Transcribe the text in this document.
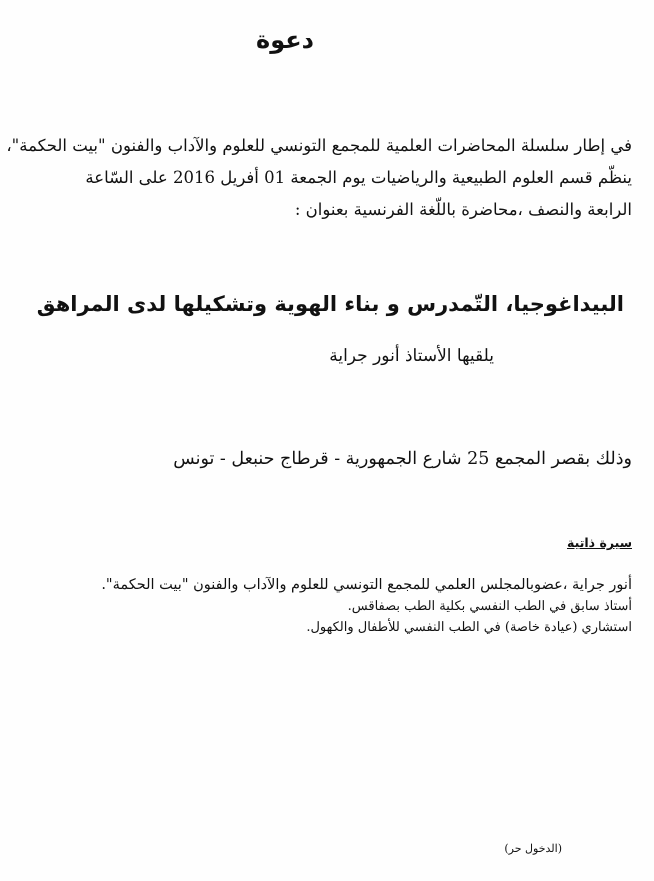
دعوة
في إطار سلسلة المحاضرات العلمية للمجمع التونسي للعلوم والآداب والفنون "بيت الحكمة"،
ينظّم قسم العلوم الطبيعية والرياضيات يوم الجمعة 01 أفريل 2016 على السّاعة
الرابعة والنصف ،محاضرة باللّغة الفرنسية بعنوان :
البيداغوجيا، التّمدرس و بناء الهوية وتشكيلها لدى المراهق
يلقيها الأستاذ أنور جراية
وذلك بقصر المجمع 25 شارع الجمهورية - قرطاج حنبعل - تونس
سيرة ذاتية
أنور جراية ،عضوبالمجلس العلمي للمجمع التونسي للعلوم والآداب والفنون "بيت الحكمة".
أستاذ سابق في الطب النفسي بكلية الطب بصفاقس.
استشاري (عيادة خاصة) في الطب النفسي للأطفال والكهول.
(الدخول حر)
